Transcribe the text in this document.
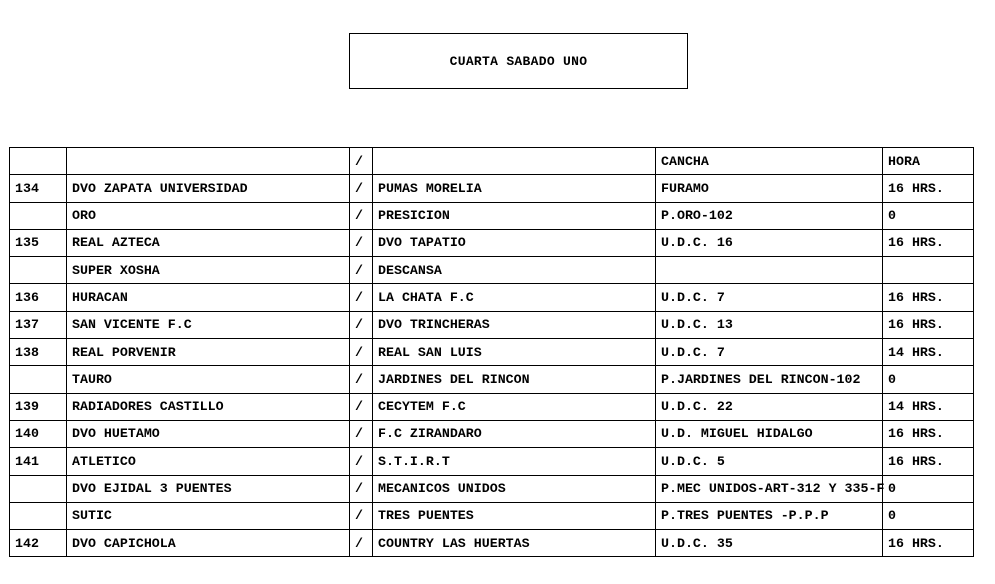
CUARTA SABADO UNO
		/		CANCHA	HORA
134	DVO ZAPATA UNIVERSIDAD	/	PUMAS MORELIA	FURAMO	16 HRS.
	ORO	/	PRESICION	P.ORO-102	0
135	REAL AZTECA	/	DVO TAPATIO	U.D.C. 16	16 HRS.
	SUPER XOSHA	/	DESCANSA		
136	HURACAN	/	LA CHATA F.C	U.D.C. 7	16 HRS.
137	SAN VICENTE F.C	/	DVO TRINCHERAS	U.D.C. 13	16 HRS.
138	REAL PORVENIR	/	REAL SAN LUIS	U.D.C. 7	14 HRS.
	TAURO	/	JARDINES DEL RINCON	P.JARDINES DEL RINCON-102	0
139	RADIADORES CASTILLO	/	CECYTEM F.C	U.D.C. 22	14 HRS.
140	DVO HUETAMO	/	F.C ZIRANDARO	U.D. MIGUEL HIDALGO	16 HRS.
141	ATLETICO	/	S.T.I.R.T	U.D.C. 5	16 HRS.
	DVO EJIDAL 3 PUENTES	/	MECANICOS UNIDOS	P.MEC UNIDOS-ART-312 Y 335-F	0
	SUTIC	/	TRES PUENTES	P.TRES PUENTES -P.P.P	0
142	DVO CAPICHOLA	/	COUNTRY LAS HUERTAS	U.D.C. 35	16 HRS.
